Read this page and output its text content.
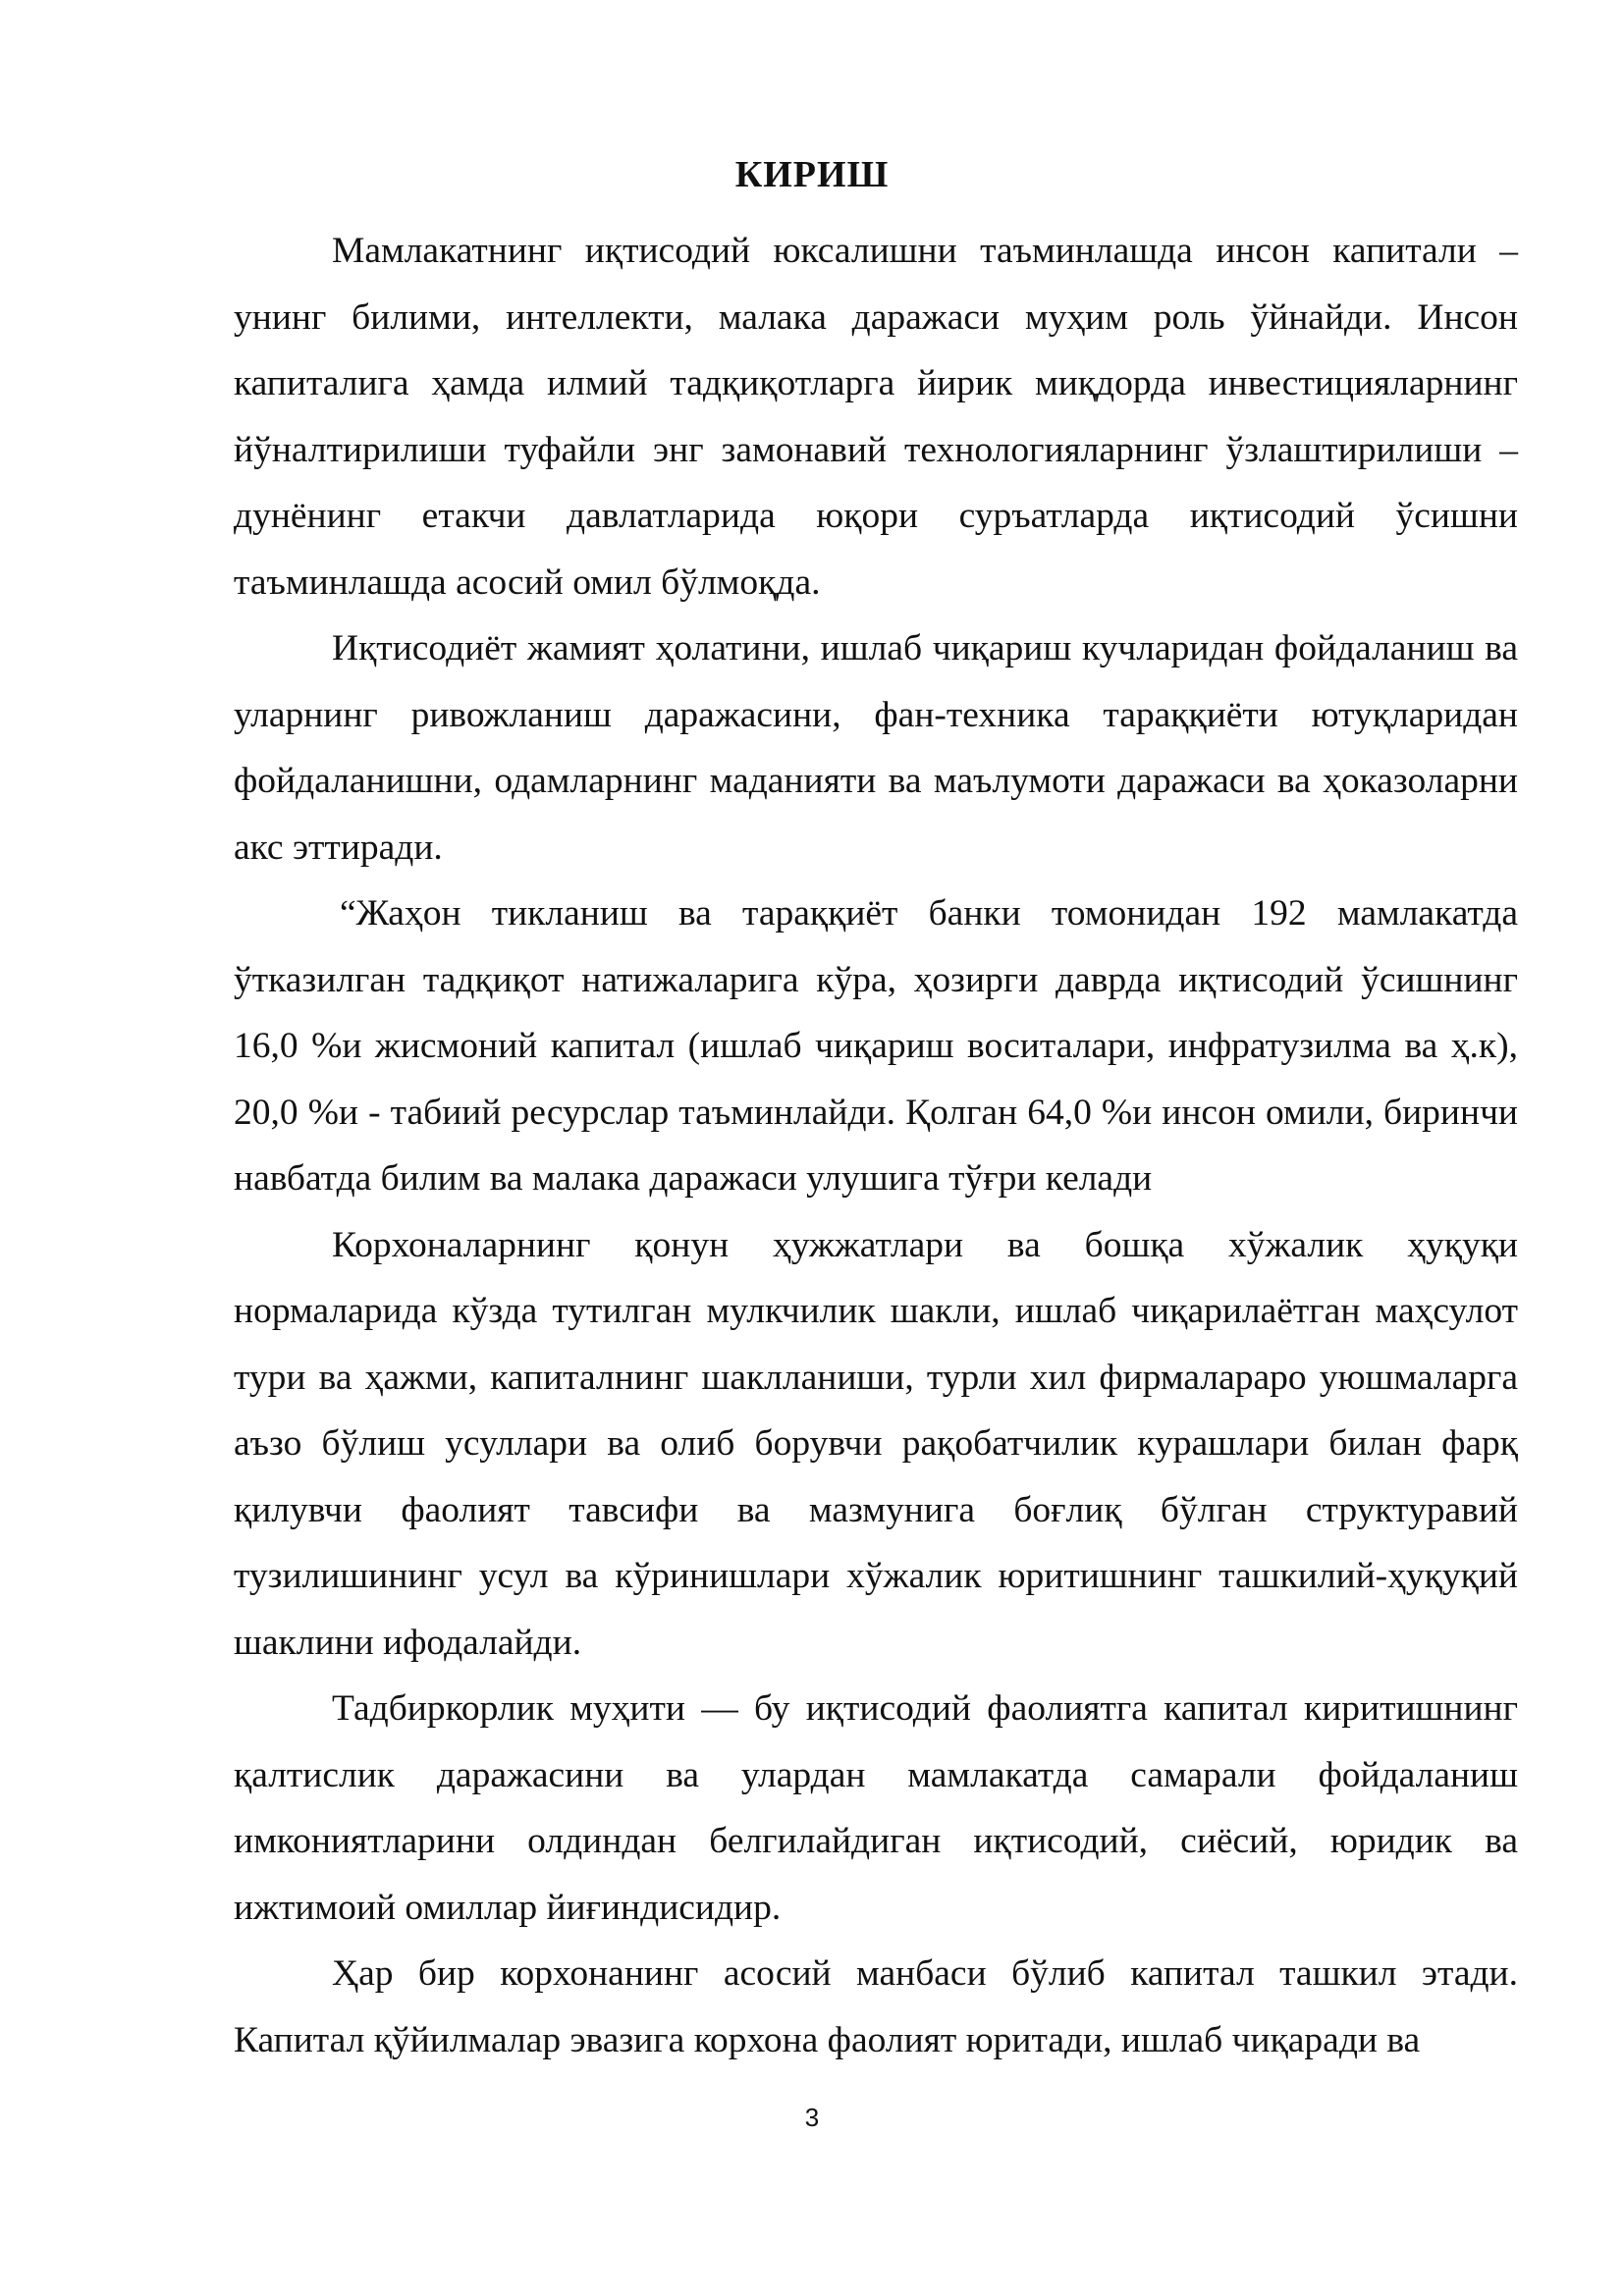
КИРИШ

Мамлакатнинг иқтисодий юксалишни таъминлашда инсон капитали – унинг билими, интеллекти, малака даражаси муҳим роль ўйнайди. Инсон капиталига ҳамда илмий тадқиқотларга йирик миқдорда инвестицияларнинг йўналтирилиши туфайли энг замонавий технологияларнинг ўзлаштирилиши – дунёнинг етакчи давлатларида юқори суръатларда иқтисодий ўсишни таъминлашда асосий омил бўлмоқда.

Иқтисодиёт жамият ҳолатини, ишлаб чиқариш кучларидан фойдаланиш ва уларнинг ривожланиш даражасини, фан-техника тараққиёти ютуқларидан фойдаланишни, одамларнинг маданияти ва маълумоти даражаси ва ҳоказоларни акс эттиради.

“Жаҳон тикланиш ва тараққиёт банки томонидан 192 мамлакатда ўтказилган тадқиқот натижаларига кўра, ҳозирги даврда иқтисодий ўсишнинг 16,0 %и жисмоний капитал (ишлаб чиқариш воситалари, инфратузилма ва ҳ.к), 20,0 %и - табиий ресурслар таъминлайди. Қолган 64,0 %и инсон омили, биринчи навбатда билим ва малака даражаси улушига тўғри келади

Корхоналарнинг қонун ҳужжатлари ва бошқа хўжалик ҳуқуқи нормаларида кўзда тутилган мулкчилик шакли, ишлаб чиқарилаётган маҳсулот тури ва ҳажми, капиталнинг шаклланиши, турли хил фирмалараро уюшмаларга аъзо бўлиш усуллари ва олиб борувчи рақобатчилик курашлари билан фарқ қилувчи фаолият тавсифи ва мазмунига боғлиқ бўлган структуравий тузилишининг усул ва кўринишлари хўжалик юритишнинг ташкилий-ҳуқуқий шаклини ифодалайди.

Тадбиркорлик муҳити — бу иқтисодий фаолиятга капитал киритишнинг қалтислик даражасини ва улардан мамлакатда самарали фойдаланиш имкониятларини олдиндан белгилайдиган иқтисодий, сиёсий, юридик ва ижтимоий омиллар йиғиндисидир.

Ҳар бир корхонанинг асосий манбаси бўлиб капитал ташкил этади. Капитал қўйилмалар эвазига корхона фаолият юритади, ишлаб чиқаради ва

3
